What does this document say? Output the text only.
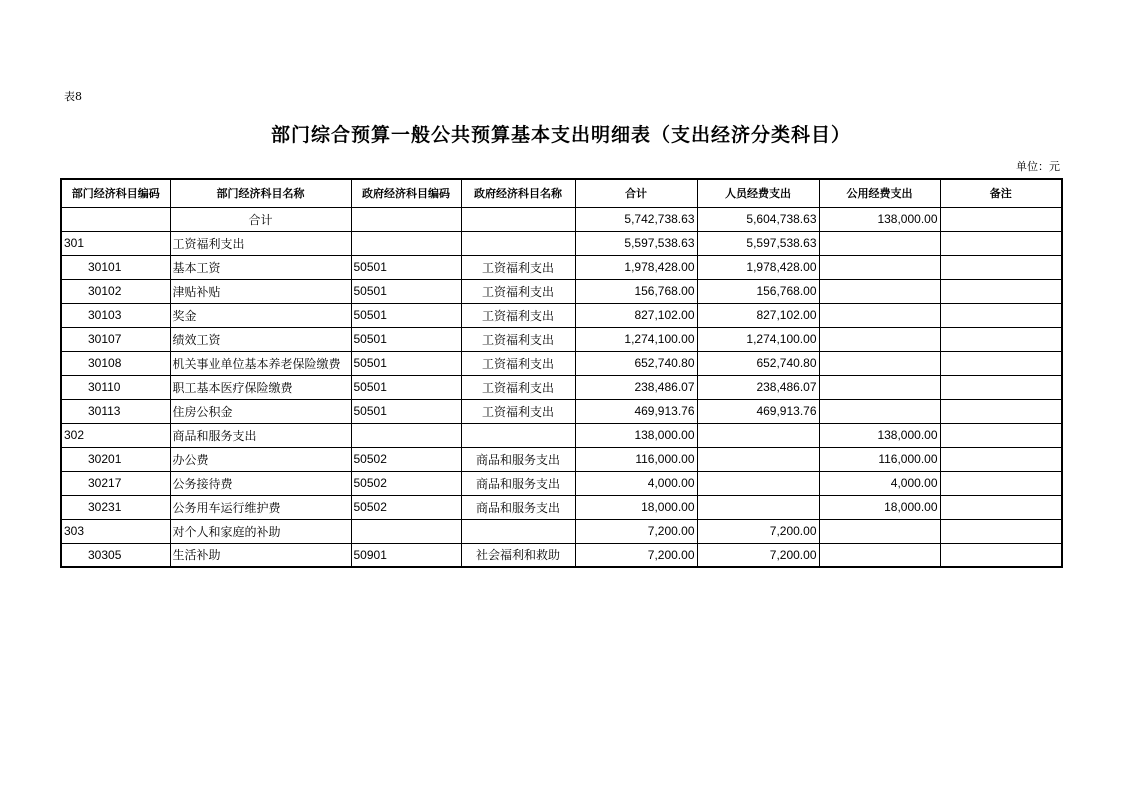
表8
部门综合预算一般公共预算基本支出明细表（支出经济分类科目）
单位：元
部门经济科目编码	部门经济科目名称	政府经济科目编码	政府经济科目名称	合计	人员经费支出	公用经费支出	备注
	合计			5,742,738.63	5,604,738.63	138,000.00	
301	工资福利支出			5,597,538.63	5,597,538.63		
30101	基本工资	50501	工资福利支出	1,978,428.00	1,978,428.00		
30102	津贴补贴	50501	工资福利支出	156,768.00	156,768.00		
30103	奖金	50501	工资福利支出	827,102.00	827,102.00		
30107	绩效工资	50501	工资福利支出	1,274,100.00	1,274,100.00		
30108	机关事业单位基本养老保险缴费	50501	工资福利支出	652,740.80	652,740.80		
30110	职工基本医疗保险缴费	50501	工资福利支出	238,486.07	238,486.07		
30113	住房公积金	50501	工资福利支出	469,913.76	469,913.76		
302	商品和服务支出			138,000.00		138,000.00	
30201	办公费	50502	商品和服务支出	116,000.00		116,000.00	
30217	公务接待费	50502	商品和服务支出	4,000.00		4,000.00	
30231	公务用车运行维护费	50502	商品和服务支出	18,000.00		18,000.00	
303	对个人和家庭的补助			7,200.00	7,200.00		
30305	生活补助	50901	社会福利和救助	7,200.00	7,200.00		
